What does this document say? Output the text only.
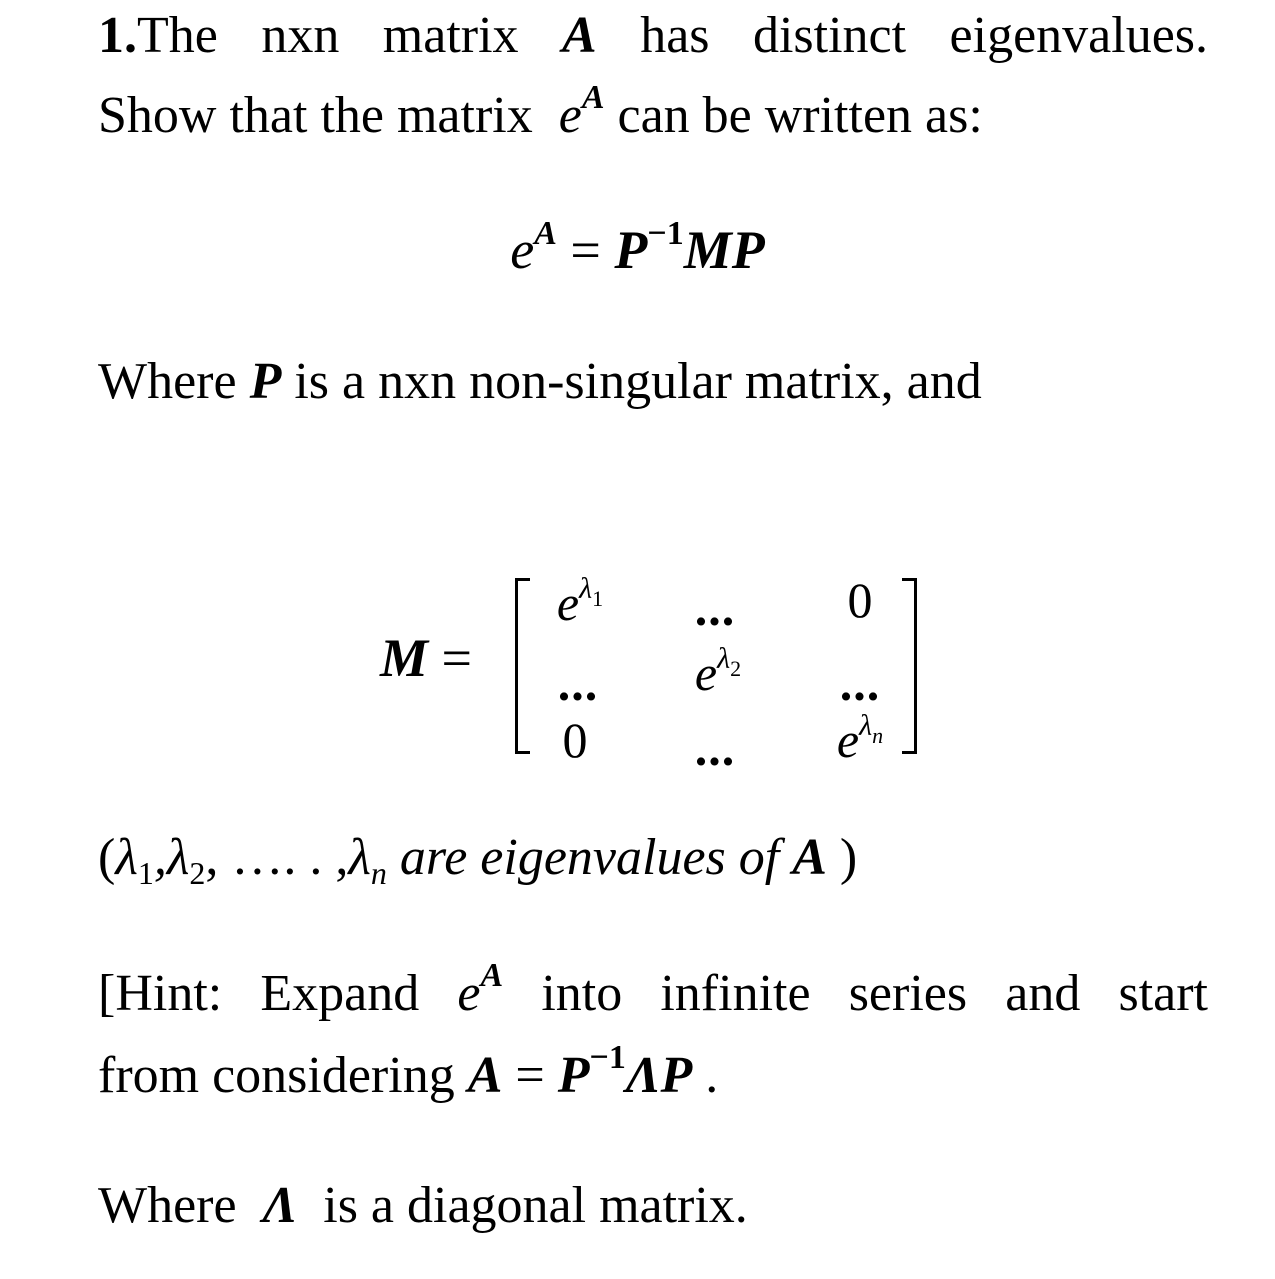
1.The nxn matrix A has distinct eigenvalues.
Show that the matrix $e^A$ can be written as:
$e^A = P^{-1}MP$
Where P is a nxn non-singular matrix, and
M =
$e^{\lambda 1}$	...	0
...	$e^{\lambda 2}$	...
0	...	$e^{\lambda n}$
(λ1,λ2, …. . ,λn are eigenvalues of A )
[Hint: Expand $e^A$ into infinite series and start
from considering $A = P^{-1}\Lambda P$ .
Where Λ is a diagonal matrix.
